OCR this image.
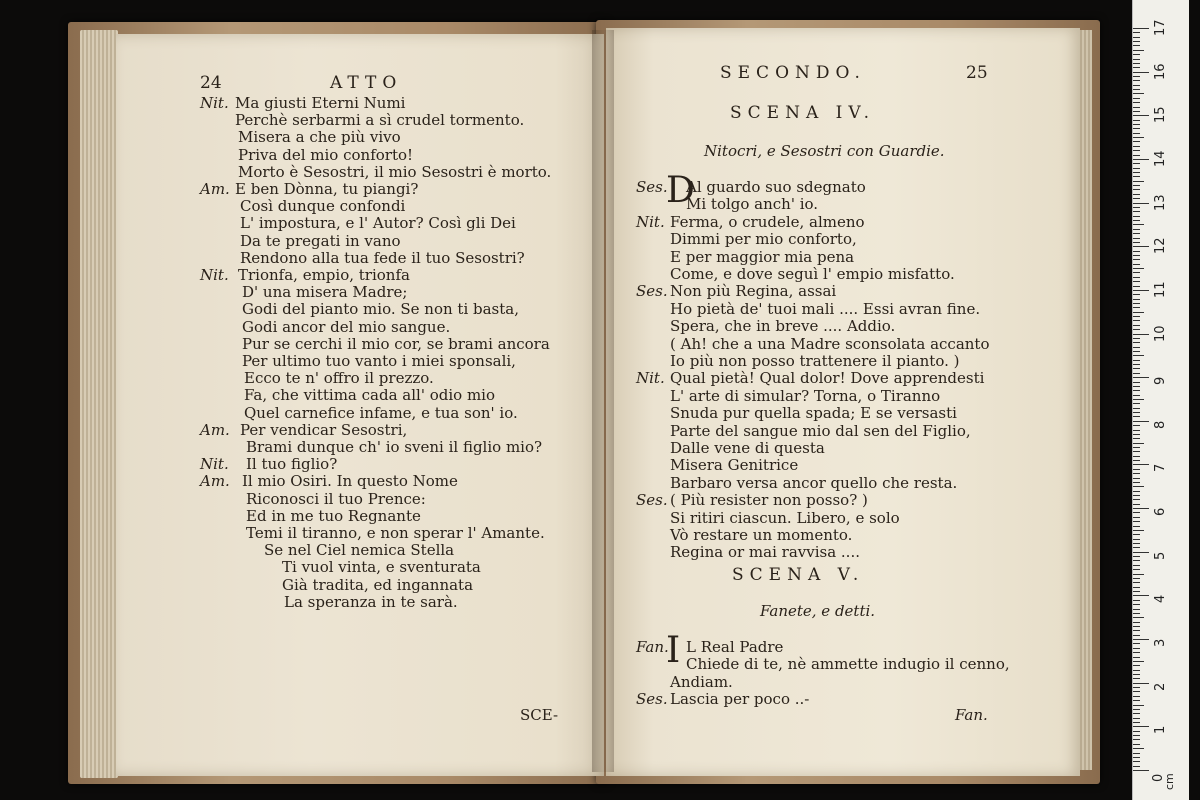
24	ATTO
Nit. Ma giusti Eterni Numi
Perchè serbarmi a sì crudel tormento.
Misera a che più vivo
Priva del mio conforto!
Morto è Sesostri, il mio Sesostri è morto.
Am. E ben Dònna, tu piangi?
Così dunque confondi
L' impostura, e l' Autor? Così gli Dei
Da te pregati in vano
Rendono alla tua fede il tuo Sesostri?
Nit. Trionfa, empio, trionfa
D' una misera Madre;
Godi del pianto mio. Se non ti basta,
Godi ancor del mio sangue.
Pur se cerchi il mio cor, se brami ancora
Per ultimo tuo vanto i miei sponsali,
Ecco te n' offro il prezzo.
Fa, che vittima cada all' odio mio
Quel carnefice infame, e tua son' io.
Am. Per vendicar Sesostri,
Brami dunque ch' io sveni il figlio mio?
Nit. Il tuo figlio?
Am. Il mio Osiri. In questo Nome
Riconosci il tuo Prence:
Ed in me tuo Regnante
Temi il tiranno, e non sperar l' Amante.
Se nel Ciel nemica Stella
Ti vuol vinta, e sventurata
Già tradita, ed ingannata
La speranza in te sarà.
SCE-
SECONDO.	25
SCENA IV.
Nitocri, e Sesostri con Guardie.
Ses.
D
Al guardo suo sdegnato
Mi tolgo anch' io.
Nit. Ferma, o crudele, almeno
Dimmi per mio conforto,
E per maggior mia pena
Come, e dove seguì l' empio misfatto.
Ses. Non più Regina, assai
Ho pietà de' tuoi mali .... Essi avran fine.
Spera, che in breve .... Addio.
( Ah! che a una Madre sconsolata accanto
Io più non posso trattenere il pianto. )
Nit. Qual pietà! Qual dolor! Dove apprendesti
L' arte di simular? Torna, o Tiranno
Snuda pur quella spada; E se versasti
Parte del sangue mio dal sen del Figlio,
Dalle vene di questa
Misera Genitrice
Barbaro versa ancor quello che resta.
Ses. ( Più resister non posso? )
Si ritiri ciascun. Libero, e solo
Vò restare un momento.
Regina or mai ravvisa ....
SCENA V.
Fanete, e detti.
Fan.
I L Real Padre
Chiede di te, nè ammette indugio il cenno,
Andiam.
Ses. Lascia per poco ..-
Fan.
cm
1
2
3
4
5
6
7
8
9
10
11
12
13
14
15
16
17
0
